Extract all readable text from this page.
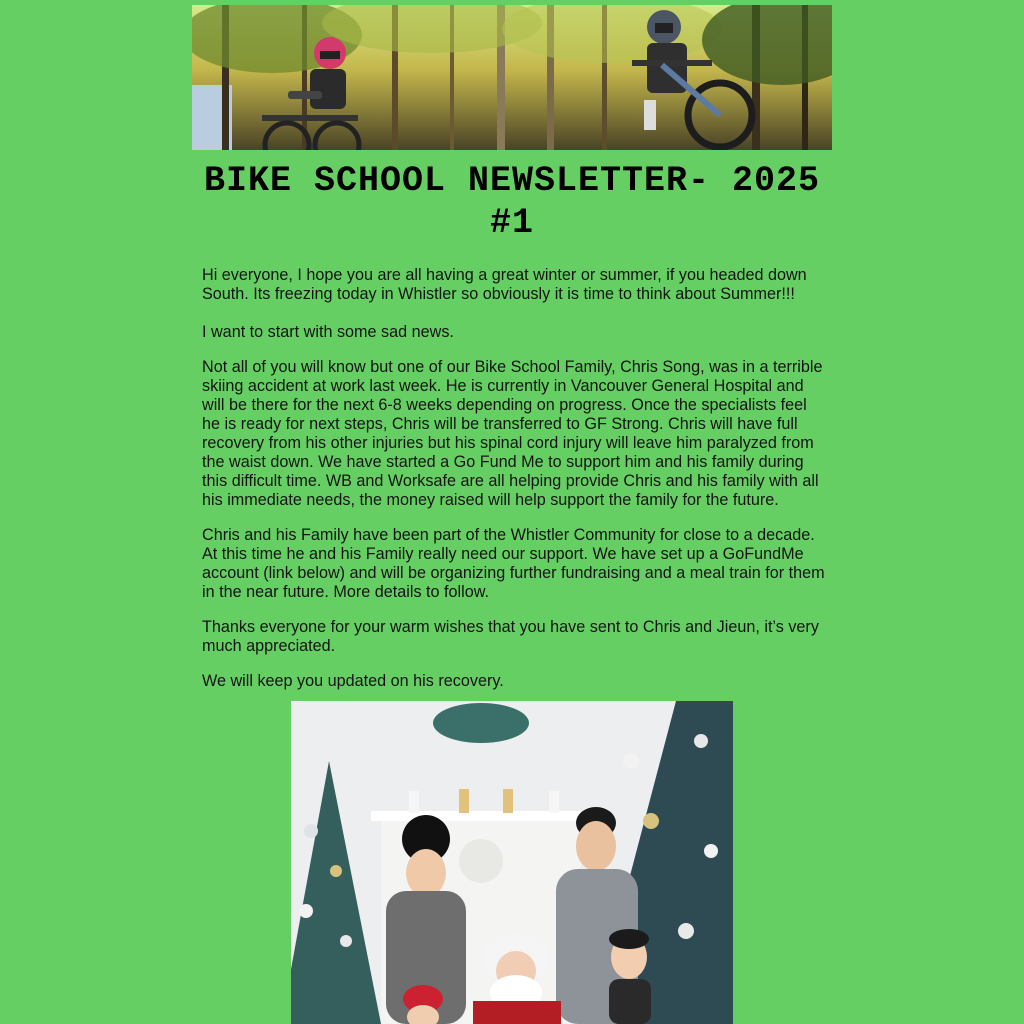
BIKE SCHOOL NEWSLETTER- 2025 #1

Hi everyone, I hope you are all having a great winter or summer, if you headed down South. Its freezing today in Whistler so obviously it is time to think about Summer!!!

I want to start with some sad news.

Not all of you will know but one of our Bike School Family, Chris Song, was in a terrible skiing accident at work last week. He is currently in Vancouver General Hospital and will be there for the next 6-8 weeks depending on progress. Once the specialists feel he is ready for next steps, Chris will be transferred to GF Strong. Chris will have full recovery from his other injuries but his spinal cord injury will leave him paralyzed from the waist down. We have started a Go Fund Me to support him and his family during this difficult time. WB and Worksafe are all helping provide Chris and his family with all his immediate needs, the money raised will help support the family for the future.

Chris and his Family have been part of the Whistler Community for close to a decade. At this time he and his Family really need our support. We have set up a GoFundMe account (link below) and will be organizing further fundraising and a meal train for them in the near future. More details to follow.

Thanks everyone for your warm wishes that you have sent to Chris and Jieun, it’s very much appreciated.

We will keep you updated on his recovery.
